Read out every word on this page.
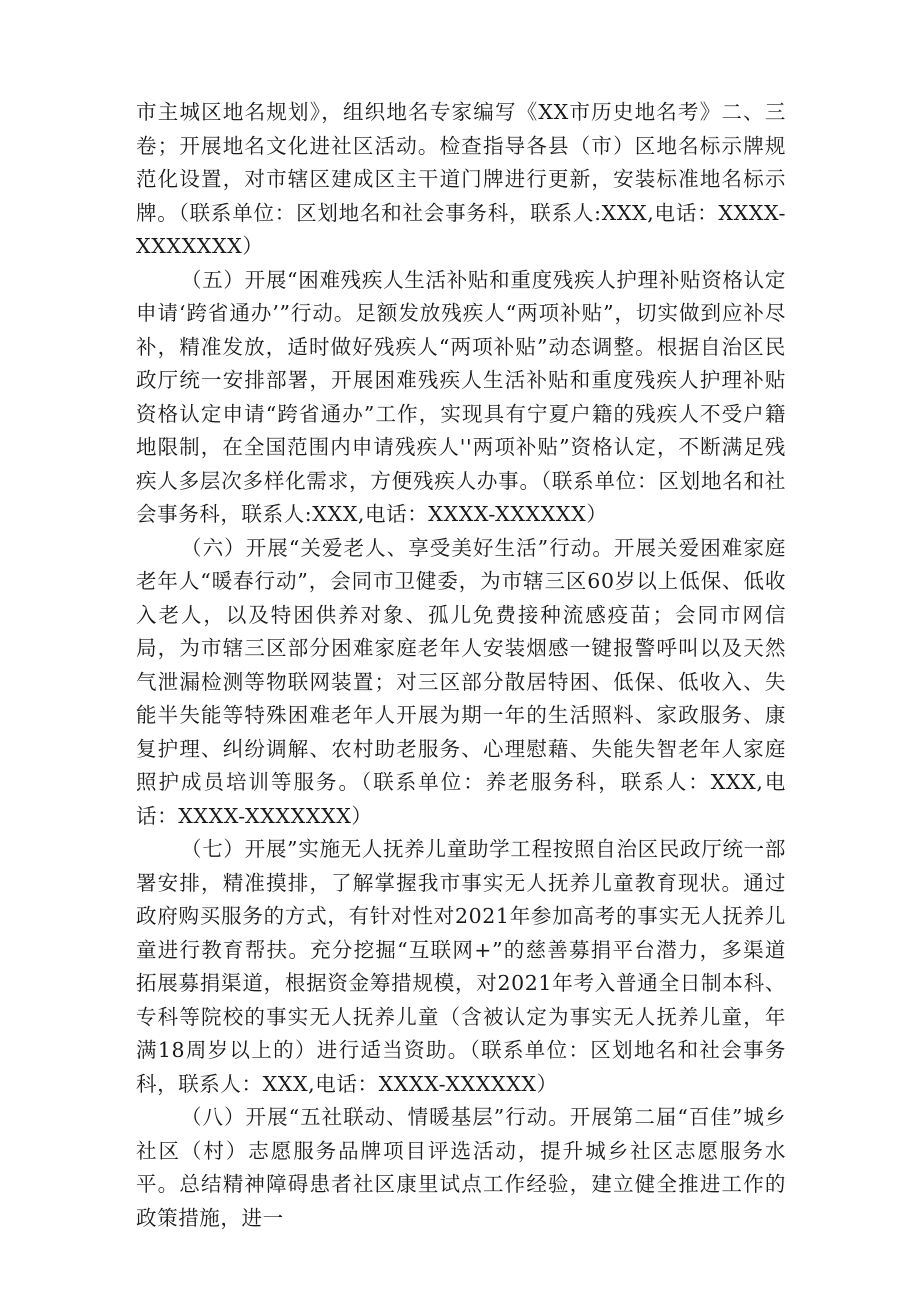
市主城区地名规划》，组织地名专家编写《XX市历史地名考》二、三卷；开展地名文化进社区活动。检查指导各县（市）区地名标示牌规范化设置，对市辖区建成区主干道门牌进行更新，安装标准地名标示牌。（联系单位：区划地名和社会事务科，联系人:XXX,电话：XXXX-XXXXXXX）

（五）开展“困难残疾人生活补贴和重度残疾人护理补贴资格认定申请‘跨省通办’”行动。足额发放残疾人“两项补贴”，切实做到应补尽补，精准发放，适时做好残疾人“两项补贴”动态调整。根据自治区民政厅统一安排部署，开展困难残疾人生活补贴和重度残疾人护理补贴资格认定申请“跨省通办”工作，实现具有宁夏户籍的残疾人不受户籍地限制，在全国范围内申请残疾人''两项补贴”资格认定，不断满足残疾人多层次多样化需求，方便残疾人办事。（联系单位：区划地名和社会事务科，联系人:XXX,电话：XXXX-XXXXXX）

（六）开展“关爱老人、享受美好生活”行动。开展关爱困难家庭老年人“暖春行动”，会同市卫健委，为市辖三区60岁以上低保、低收入老人，以及特困供养对象、孤儿免费接种流感疫苗；会同市网信局，为市辖三区部分困难家庭老年人安装烟感一键报警呼叫以及天然气泄漏检测等物联网装置；对三区部分散居特困、低保、低收入、失能半失能等特殊困难老年人开展为期一年的生活照料、家政服务、康复护理、纠纷调解、农村助老服务、心理慰藉、失能失智老年人家庭照护成员培训等服务。（联系单位：养老服务科，联系人：XXX,电话：XXXX-XXXXXXX）

（七）开展”实施无人抚养儿童助学工程按照自治区民政厅统一部署安排，精准摸排，了解掌握我市事实无人抚养儿童教育现状。通过政府购买服务的方式，有针对性对2021年参加高考的事实无人抚养儿童进行教育帮扶。充分挖掘“互联网+”的慈善募捐平台潜力，多渠道拓展募捐渠道，根据资金筹措规模，对2021年考入普通全日制本科、专科等院校的事实无人抚养儿童（含被认定为事实无人抚养儿童，年满18周岁以上的）进行适当资助。（联系单位：区划地名和社会事务科，联系人：XXX,电话：XXXX-XXXXXX）

（八）开展“五社联动、情暖基层”行动。开展第二届“百佳”城乡社区（村）志愿服务品牌项目评选活动，提升城乡社区志愿服务水平。总结精神障碍患者社区康里试点工作经验，建立健全推进工作的政策措施，进一
